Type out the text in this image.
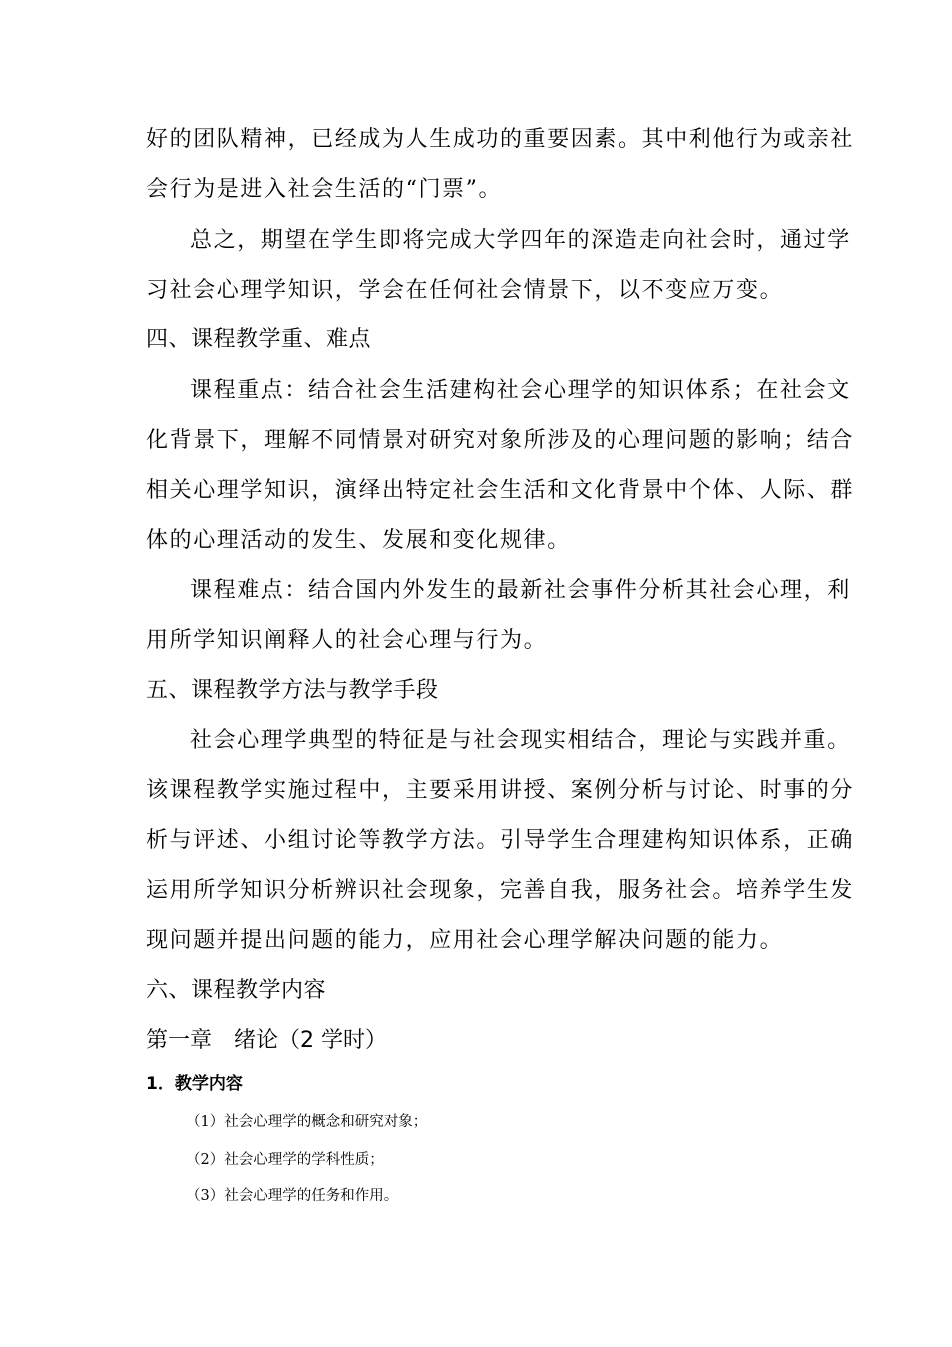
好的团队精神，已经成为人生成功的重要因素。其中利他行为或亲社
会行为是进入社会生活的“门票”。
总之，期望在学生即将完成大学四年的深造走向社会时，通过学
习社会心理学知识，学会在任何社会情景下，以不变应万变。
四、课程教学重、难点
课程重点：结合社会生活建构社会心理学的知识体系；在社会文
化背景下，理解不同情景对研究对象所涉及的心理问题的影响；结合
相关心理学知识，演绎出特定社会生活和文化背景中个体、人际、群
体的心理活动的发生、发展和变化规律。
课程难点：结合国内外发生的最新社会事件分析其社会心理，利
用所学知识阐释人的社会心理与行为。
五、课程教学方法与教学手段
社会心理学典型的特征是与社会现实相结合，理论与实践并重。
该课程教学实施过程中，主要采用讲授、案例分析与讨论、时事的分
析与评述、小组讨论等教学方法。引导学生合理建构知识体系，正确
运用所学知识分析辨识社会现象，完善自我，服务社会。培养学生发
现问题并提出问题的能力，应用社会心理学解决问题的能力。
六、课程教学内容
第一章　绪论（2 学时）
1．教学内容
（1）社会心理学的概念和研究对象；
（2）社会心理学的学科性质；
（3）社会心理学的任务和作用。
